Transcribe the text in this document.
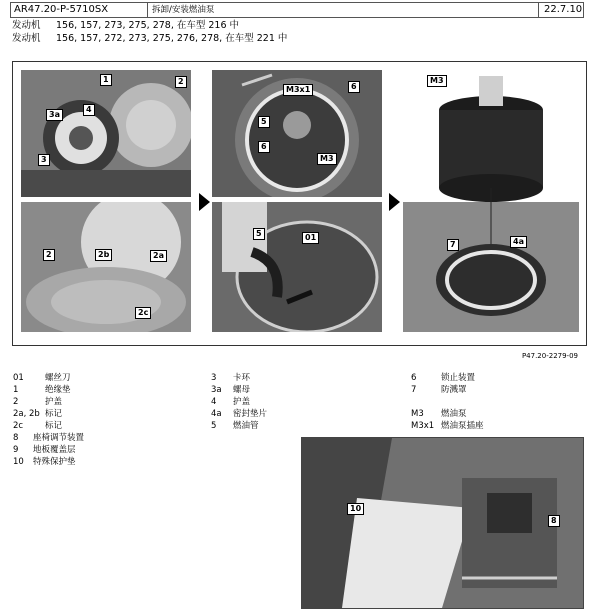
AR47.20-P-5710SX	拆卸/安装燃油泵	22.7.10
发动机 156, 157, 273, 275, 278, 在车型 216 中
发动机 156, 157, 272, 273, 275, 276, 278, 在车型 221 中
1	2
3a
4
3
2	2b	2a
2c
M3x1	6
5
6
M3
5	01
M3
7	4a
P47.20-2279-09
01 螺丝刀
1	绝缘垫
2	护盖
2a, 2b 标记
2c	标记
8 座椅调节装置
9 地板覆盖层
10 特殊保护垫
3 卡环
3a 螺母
4 护盖
4a 密封垫片
5 燃油管
6	锁止装置
7	防溅罩
M3 燃油泵
M3x1 燃油泵插座
10
8
